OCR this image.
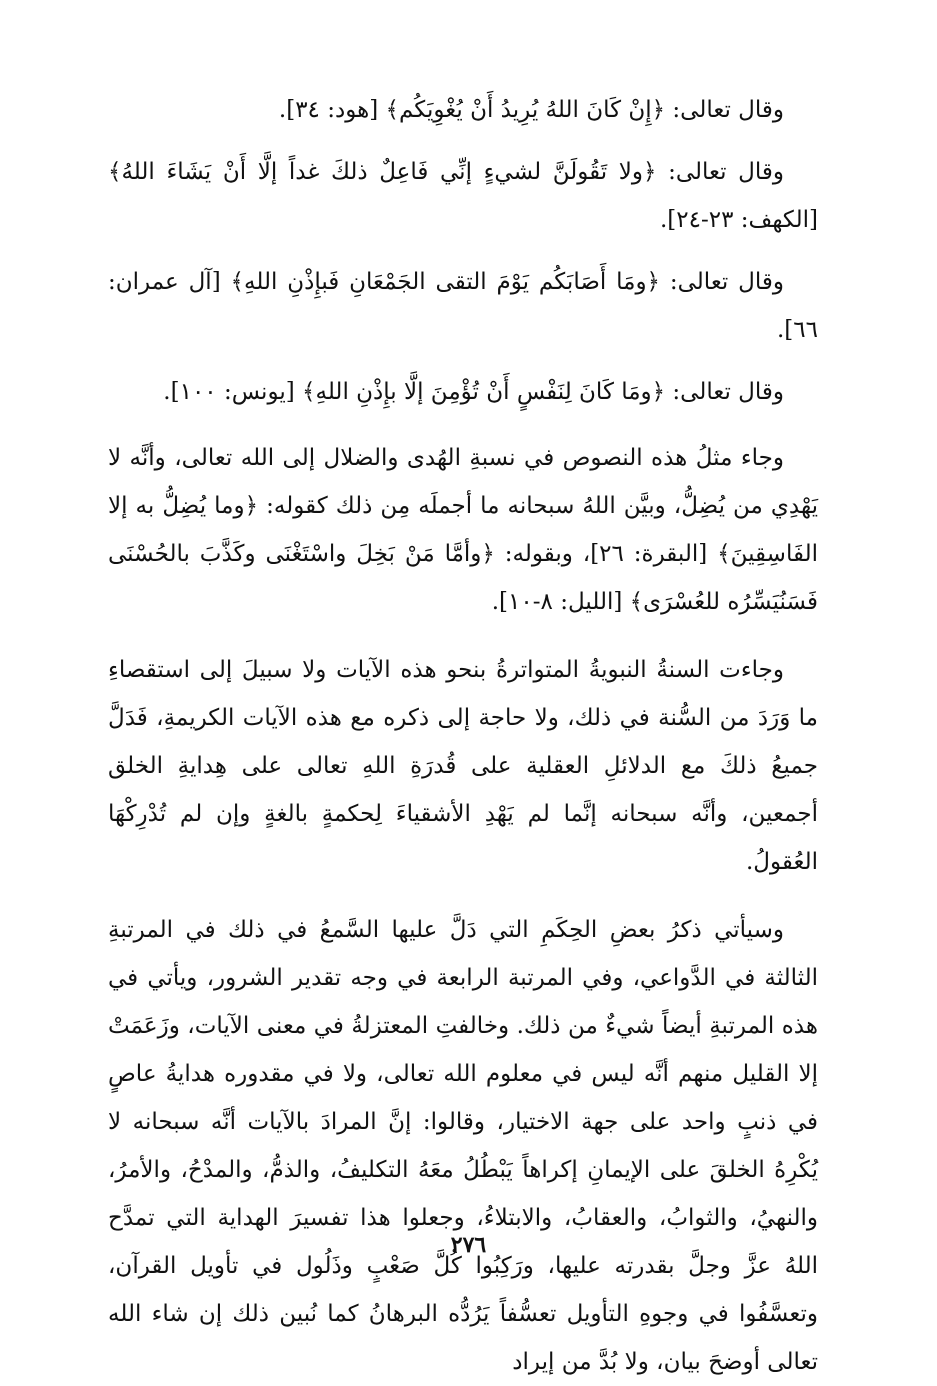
وقال تعالى: ﴿إِنْ كَانَ اللهُ يُرِيدُ أَنْ يُغْوِيَكُم﴾ [هود: ٣٤].

وقال تعالى: ﴿ولا تَقُولَنَّ لشيءٍ إنِّي فَاعِلٌ ذلكَ غداً إلَّا أَنْ يَشَاءَ اللهُ﴾ [الكهف: ٢٣-٢٤].

وقال تعالى: ﴿ومَا أَصَابَكُم يَوْمَ التقى الجَمْعَانِ فَبإِذْنِ اللهِ﴾ [آل عمران: ٦٦].

وقال تعالى: ﴿ومَا كَانَ لِنَفْسٍ أَنْ تُؤْمِنَ إلَّا بإِذْنِ اللهِ﴾ [يونس: ١٠٠].

وجاء مثلُ هذه النصوص في نسبةِ الهُدى والضلال إلى الله تعالى، وأنَّه لا يَهْدِي من يُضِلُّ، وبيَّن اللهُ سبحانه ما أجملَه مِن ذلك كقوله: ﴿وما يُضِلُّ به إلا الفَاسِقِينَ﴾ [البقرة: ٢٦]، وبقوله: ﴿وأمَّا مَنْ بَخِلَ واسْتَغْنَى وكَذَّبَ بالحُسْنَى فَسَنُيَسِّرُه للعُسْرَى﴾ [الليل: ٨-١٠].

وجاءت السنةُ النبويةُ المتواترةُ بنحو هذه الآيات ولا سبيلَ إلى استقصاءِ ما وَرَدَ من السُّنة في ذلك، ولا حاجة إلى ذكره مع هذه الآيات الكريمةِ، فَدَلَّ جميعُ ذلكَ مع الدلائلِ العقلية على قُدرَةِ اللهِ تعالى على هِدايةِ الخلق أجمعين، وأنَّه سبحانه إنَّما لم يَهْدِ الأشقياءَ لِحكمةٍ بالغةٍ وإن لم تُدْرِكْهَا العُقولُ.

وسيأتي ذكرُ بعضِ الحِكَمِ التي دَلَّ عليها السَّمعُ في ذلك في المرتبةِ الثالثة في الدَّواعي، وفي المرتبة الرابعة في وجه تقدير الشرور، ويأتي في هذه المرتبةِ أيضاً شيءٌ من ذلك. وخالفتِ المعتزلةُ في معنى الآيات، وزَعَمَتْ إلا القليل منهم أنَّه ليس في معلوم الله تعالى، ولا في مقدوره هدايةُ عاصٍ في ذنبٍ واحد على جهة الاختيار، وقالوا: إنَّ المرادَ بالآيات أنَّه سبحانه لا يُكْرِهُ الخلقَ على الإيمانِ إكراهاً يَبْطُلُ معَهُ التكليفُ، والذمُّ، والمدْحُ، والأمرُ، والنهيُ، والثوابُ، والعقابُ، والابتلاءُ، وجعلوا هذا تفسيرَ الهداية التي تمدَّح اللهُ عزَّ وجلَّ بقدرته عليها، ورَكِبُوا كُلَّ صَعْبٍ وذَلُول في تأويل القرآن، وتعسَّفُوا في وجوهِ التأويل تعسُّفاً يَرُدُّه البرهانُ كما نُبين ذلك إن شاء الله تعالى أوضحَ بيان، ولا بُدَّ من إيراد

٢٧٦
